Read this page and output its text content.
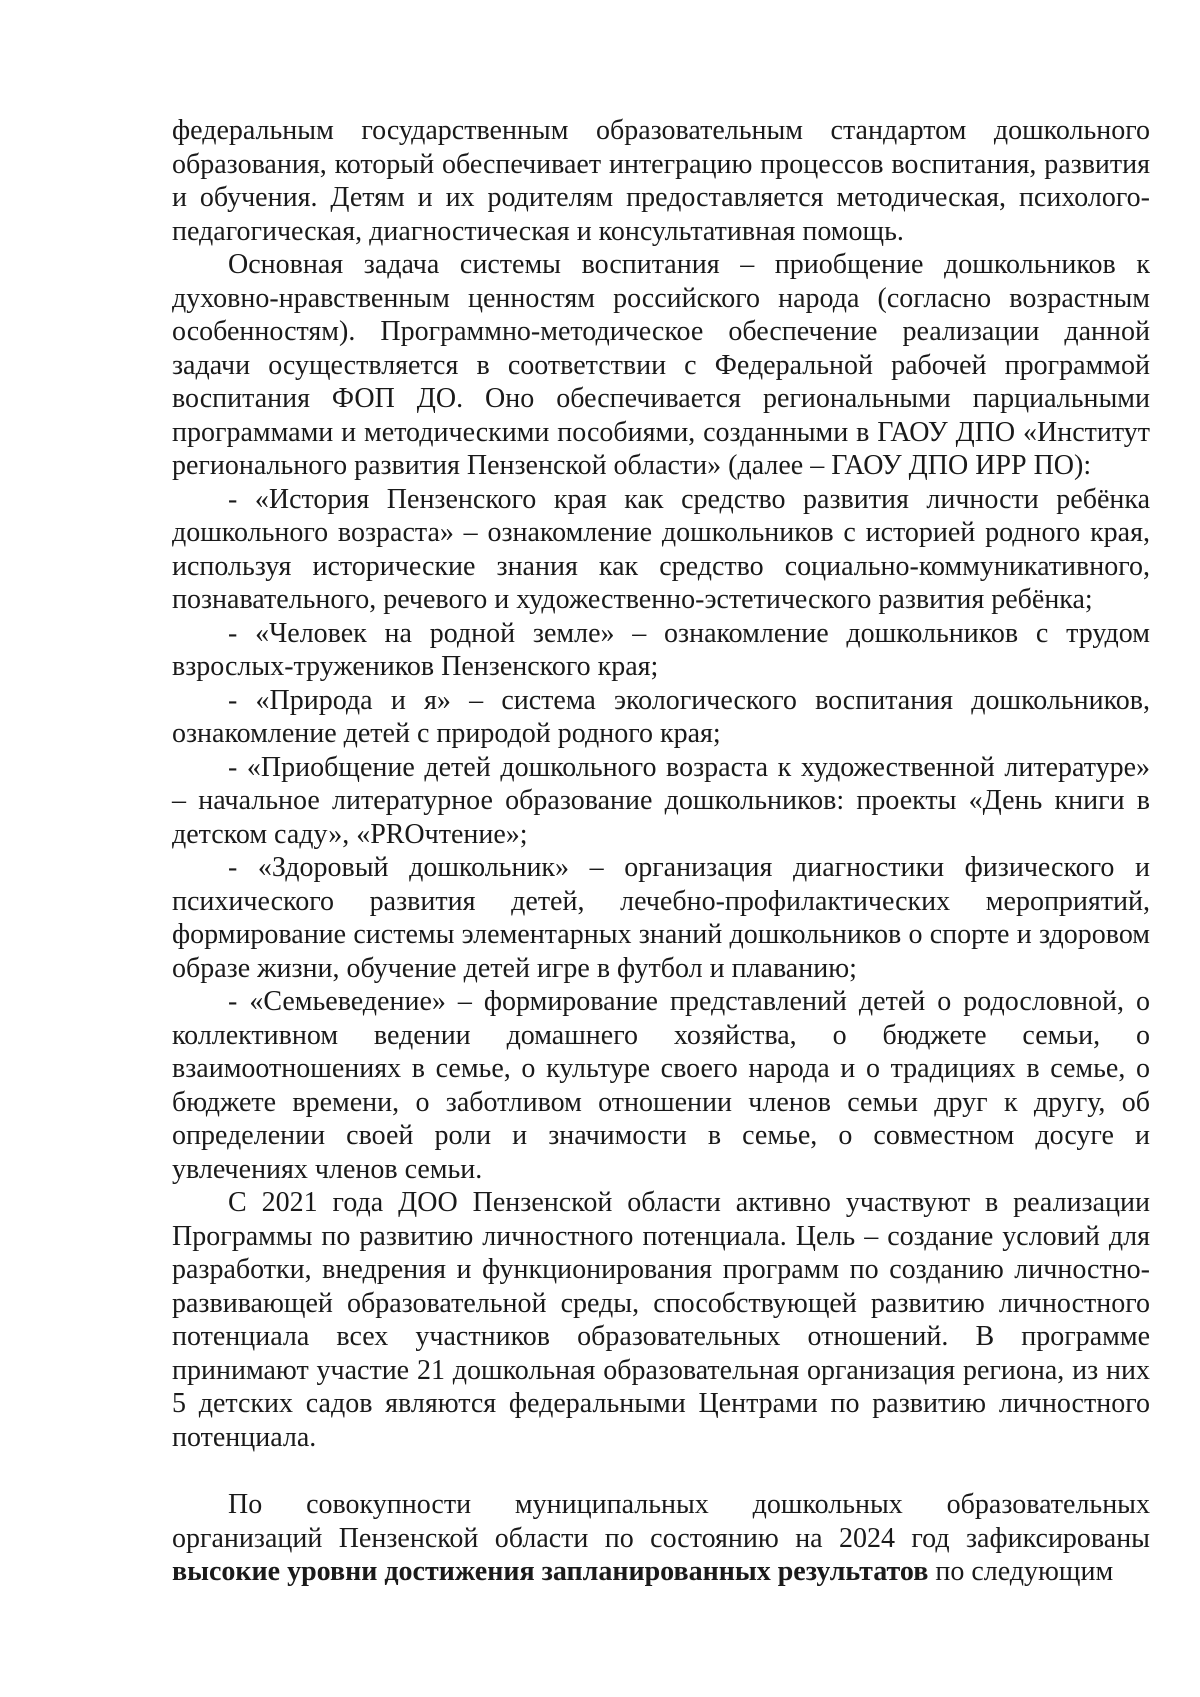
федеральным государственным образовательным стандартом дошкольного образования, который обеспечивает интеграцию процессов воспитания, развития и обучения. Детям и их родителям предоставляется методическая, психолого-педагогическая, диагностическая и консультативная помощь.

Основная задача системы воспитания – приобщение дошкольников к духовно-нравственным ценностям российского народа (согласно возрастным особенностям). Программно-методическое обеспечение реализации данной задачи осуществляется в соответствии с Федеральной рабочей программой воспитания ФОП ДО. Оно обеспечивается региональными парциальными программами и методическими пособиями, созданными в ГАОУ ДПО «Институт регионального развития Пензенской области» (далее – ГАОУ ДПО ИРР ПО):

- «История Пензенского края как средство развития личности ребёнка дошкольного возраста» – ознакомление дошкольников с историей родного края, используя исторические знания как средство социально-коммуникативного, познавательного, речевого и художественно-эстетического развития ребёнка;

- «Человек на родной земле» – ознакомление дошкольников с трудом взрослых-тружеников Пензенского края;

- «Природа и я» – система экологического воспитания дошкольников, ознакомление детей с природой родного края;

- «Приобщение детей дошкольного возраста к художественной литературе» – начальное литературное образование дошкольников: проекты «День книги в детском саду», «PROчтение»;

- «Здоровый дошкольник» – организация диагностики физического и психического развития детей, лечебно-профилактических мероприятий, формирование системы элементарных знаний дошкольников о спорте и здоровом образе жизни, обучение детей игре в футбол и плаванию;

- «Семьеведение» – формирование представлений детей о родословной, о коллективном ведении домашнего хозяйства, о бюджете семьи, о взаимоотношениях в семье, о культуре своего народа и о традициях в семье, о бюджете времени, о заботливом отношении членов семьи друг к другу, об определении своей роли и значимости в семье, о совместном досуге и увлечениях членов семьи.

С 2021 года ДОО Пензенской области активно участвуют в реализации Программы по развитию личностного потенциала. Цель – создание условий для разработки, внедрения и функционирования программ по созданию личностно-развивающей образовательной среды, способствующей развитию личностного потенциала всех участников образовательных отношений. В программе принимают участие 21 дошкольная образовательная организация региона, из них 5 детских садов являются федеральными Центрами по развитию личностного потенциала.

По совокупности муниципальных дошкольных образовательных организаций Пензенской области по состоянию на 2024 год зафиксированы высокие уровни достижения запланированных результатов по следующим
